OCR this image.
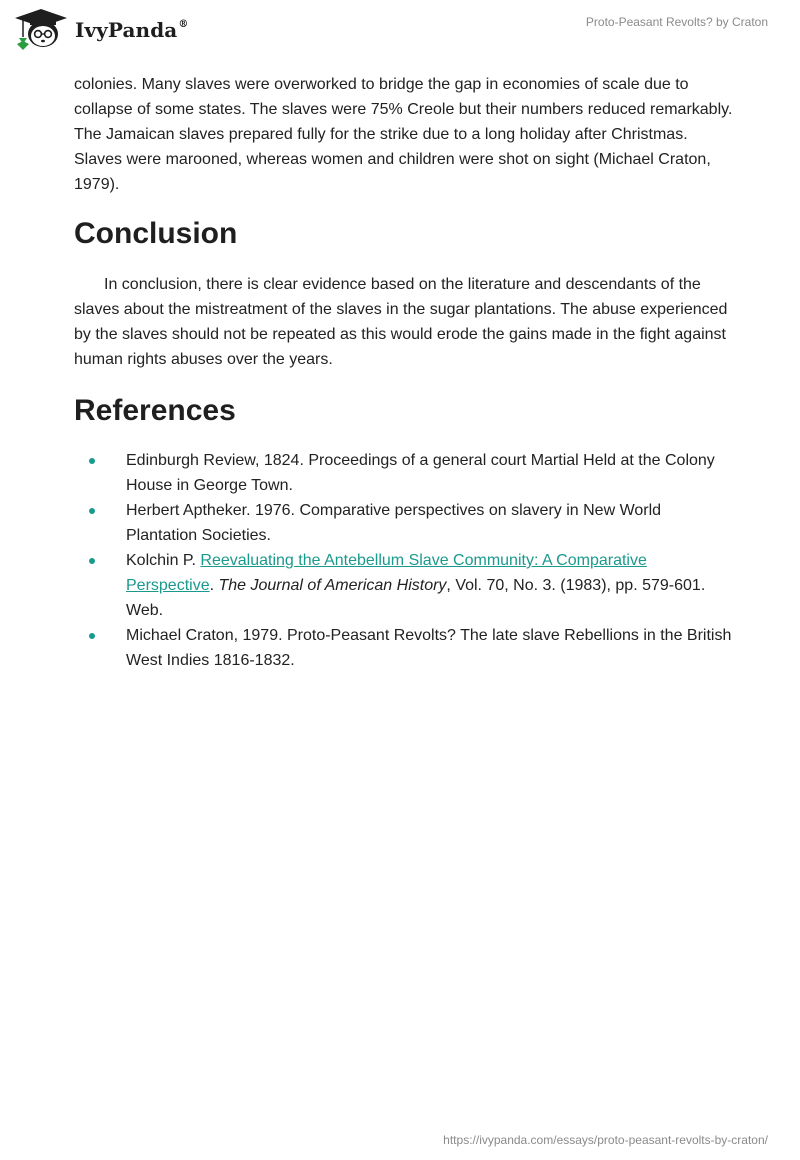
IvyPanda®	Proto-Peasant Revolts? by Craton

colonies. Many slaves were overworked to bridge the gap in economies of scale due to collapse of some states. The slaves were 75% Creole but their numbers reduced remarkably. The Jamaican slaves prepared fully for the strike due to a long holiday after Christmas. Slaves were marooned, whereas women and children were shot on sight (Michael Craton, 1979).

Conclusion

In conclusion, there is clear evidence based on the literature and descendants of the slaves about the mistreatment of the slaves in the sugar plantations. The abuse experienced by the slaves should not be repeated as this would erode the gains made in the fight against human rights abuses over the years.

References
Edinburgh Review, 1824. Proceedings of a general court Martial Held at the Colony House in George Town.
Herbert Aptheker. 1976. Comparative perspectives on slavery in New World Plantation Societies.
Kolchin P. Reevaluating the Antebellum Slave Community: A Comparative Perspective. The Journal of American History, Vol. 70, No. 3. (1983), pp. 579-601. Web.
Michael Craton, 1979. Proto-Peasant Revolts? The late slave Rebellions in the British West Indies 1816-1832.
https://ivypanda.com/essays/proto-peasant-revolts-by-craton/
